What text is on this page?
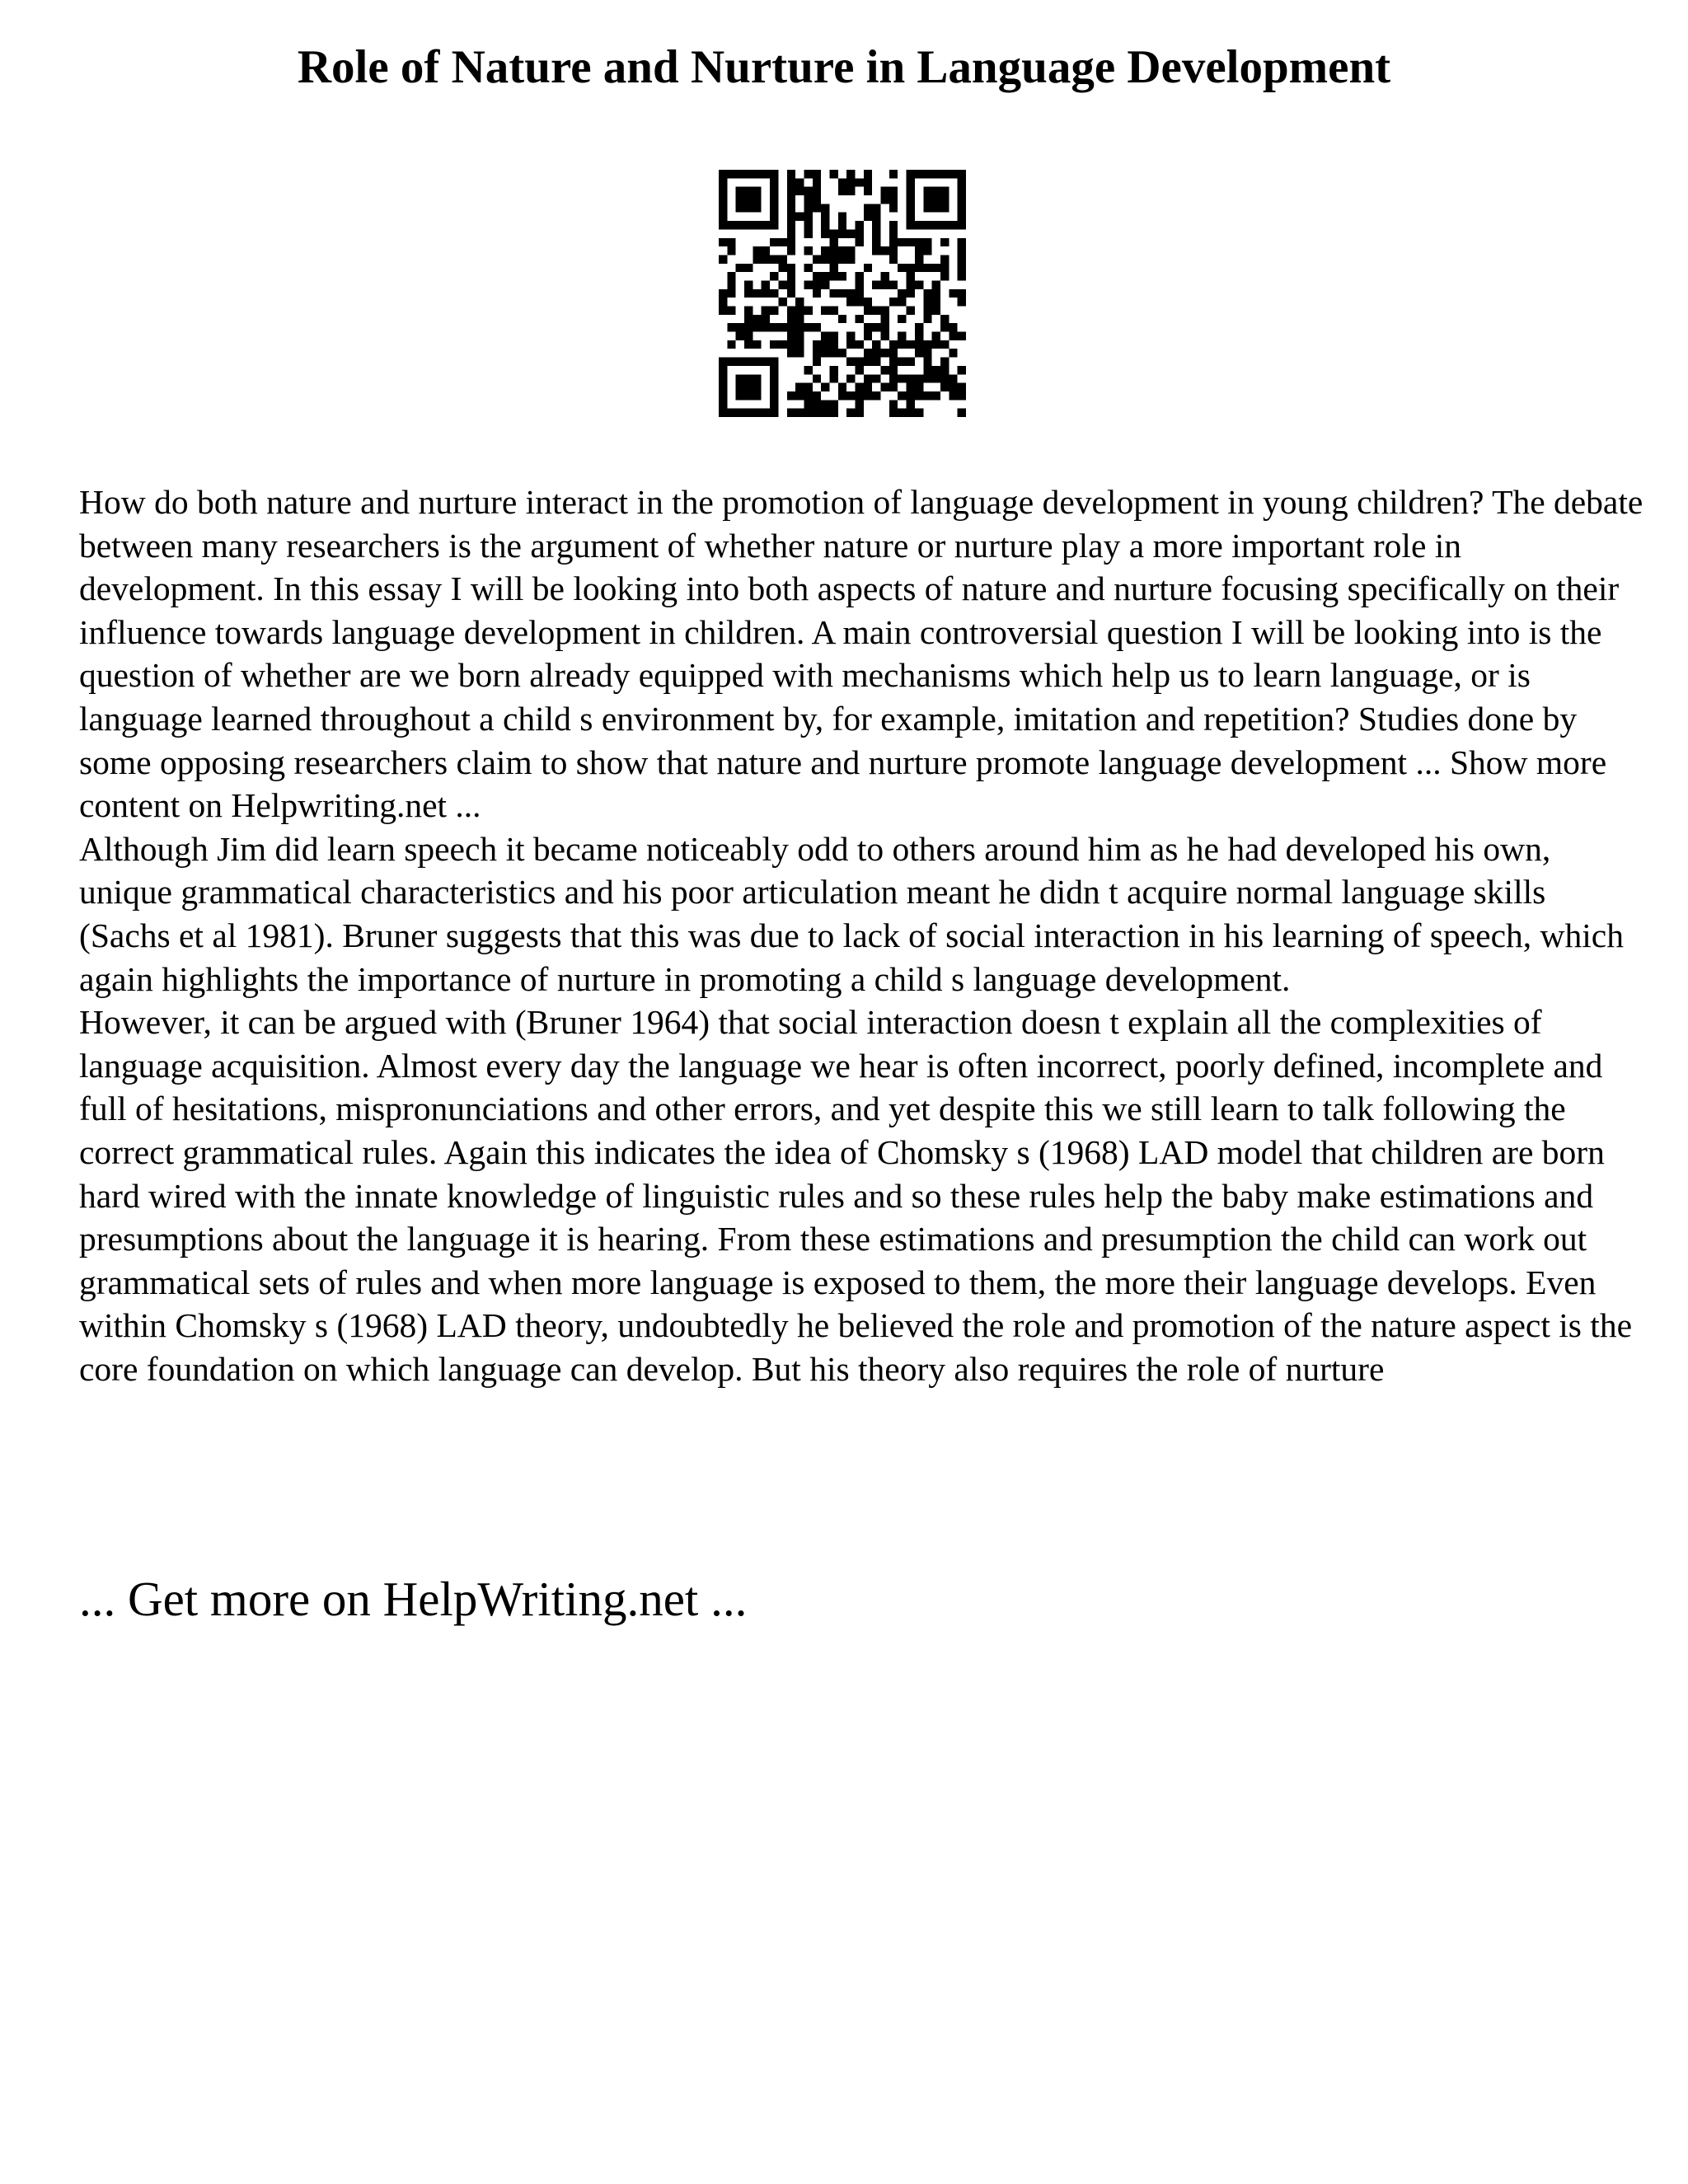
Role of Nature and Nurture in Language Development

How do both nature and nurture interact in the promotion of language development in young children? The debate between many researchers is the argument of whether nature or nurture play a more important role in development. In this essay I will be looking into both aspects of nature and nurture focusing specifically on their influence towards language development in children. A main controversial question I will be looking into is the question of whether are we born already equipped with mechanisms which help us to learn language, or is language learned throughout a child s environment by, for example, imitation and repetition? Studies done by some opposing researchers claim to show that nature and nurture promote language development ... Show more content on Helpwriting.net ...

Although Jim did learn speech it became noticeably odd to others around him as he had developed his own, unique grammatical characteristics and his poor articulation meant he didn t acquire normal language skills (Sachs et al 1981). Bruner suggests that this was due to lack of social interaction in his learning of speech, which again highlights the importance of nurture in promoting a child s language development.

However, it can be argued with (Bruner 1964) that social interaction doesn t explain all the complexities of language acquisition. Almost every day the language we hear is often incorrect, poorly defined, incomplete and full of hesitations, mispronunciations and other errors, and yet despite this we still learn to talk following the correct grammatical rules. Again this indicates the idea of Chomsky s (1968) LAD model that children are born hard wired with the innate knowledge of linguistic rules and so these rules help the baby make estimations and presumptions about the language it is hearing. From these estimations and presumption the child can work out grammatical sets of rules and when more language is exposed to them, the more their language develops. Even within Chomsky s (1968) LAD theory, undoubtedly he believed the role and promotion of the nature aspect is the core foundation on which language can develop. But his theory also requires the role of nurture

... Get more on HelpWriting.net ...
